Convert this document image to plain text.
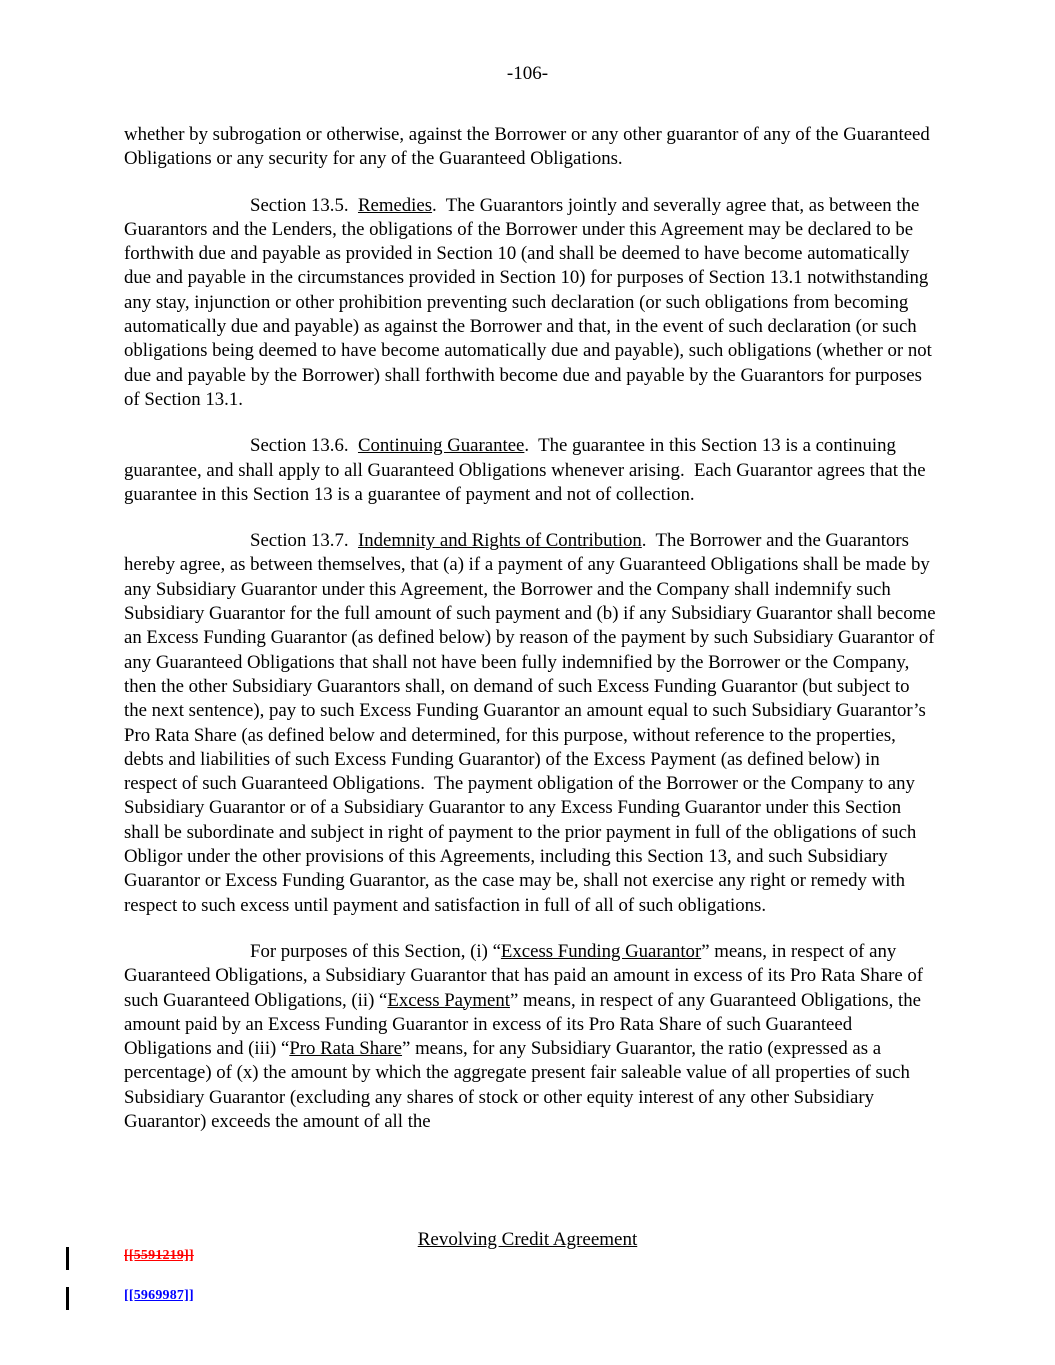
-106-

whether by subrogation or otherwise, against the Borrower or any other guarantor of any of the Guaranteed Obligations or any security for any of the Guaranteed Obligations.

Section 13.5.  Remedies.  The Guarantors jointly and severally agree that, as between the Guarantors and the Lenders, the obligations of the Borrower under this Agreement may be declared to be forthwith due and payable as provided in Section 10 (and shall be deemed to have become automatically due and payable in the circumstances provided in Section 10) for purposes of Section 13.1 notwithstanding any stay, injunction or other prohibition preventing such declaration (or such obligations from becoming automatically due and payable) as against the Borrower and that, in the event of such declaration (or such obligations being deemed to have become automatically due and payable), such obligations (whether or not due and payable by the Borrower) shall forthwith become due and payable by the Guarantors for purposes of Section 13.1.

Section 13.6.  Continuing Guarantee.  The guarantee in this Section 13 is a continuing guarantee, and shall apply to all Guaranteed Obligations whenever arising.  Each Guarantor agrees that the guarantee in this Section 13 is a guarantee of payment and not of collection.

Section 13.7.  Indemnity and Rights of Contribution.  The Borrower and the Guarantors hereby agree, as between themselves, that (a) if a payment of any Guaranteed Obligations shall be made by any Subsidiary Guarantor under this Agreement, the Borrower and the Company shall indemnify such Subsidiary Guarantor for the full amount of such payment and (b) if any Subsidiary Guarantor shall become an Excess Funding Guarantor (as defined below) by reason of the payment by such Subsidiary Guarantor of any Guaranteed Obligations that shall not have been fully indemnified by the Borrower or the Company, then the other Subsidiary Guarantors shall, on demand of such Excess Funding Guarantor (but subject to the next sentence), pay to such Excess Funding Guarantor an amount equal to such Subsidiary Guarantor’s Pro Rata Share (as defined below and determined, for this purpose, without reference to the properties, debts and liabilities of such Excess Funding Guarantor) of the Excess Payment (as defined below) in respect of such Guaranteed Obligations.  The payment obligation of the Borrower or the Company to any Subsidiary Guarantor or of a Subsidiary Guarantor to any Excess Funding Guarantor under this Section shall be subordinate and subject in right of payment to the prior payment in full of the obligations of such Obligor under the other provisions of this Agreements, including this Section 13, and such Subsidiary Guarantor or Excess Funding Guarantor, as the case may be, shall not exercise any right or remedy with respect to such excess until payment and satisfaction in full of all of such obligations.

For purposes of this Section, (i) “Excess Funding Guarantor” means, in respect of any Guaranteed Obligations, a Subsidiary Guarantor that has paid an amount in excess of its Pro Rata Share of such Guaranteed Obligations, (ii) “Excess Payment” means, in respect of any Guaranteed Obligations, the amount paid by an Excess Funding Guarantor in excess of its Pro Rata Share of such Guaranteed Obligations and (iii) “Pro Rata Share” means, for any Subsidiary Guarantor, the ratio (expressed as a percentage) of (x) the amount by which the aggregate present fair saleable value of all properties of such Subsidiary Guarantor (excluding any shares of stock or other equity interest of any other Subsidiary Guarantor) exceeds the amount of all the

Revolving Credit Agreement
[[5591219]]
[[5969987]]
